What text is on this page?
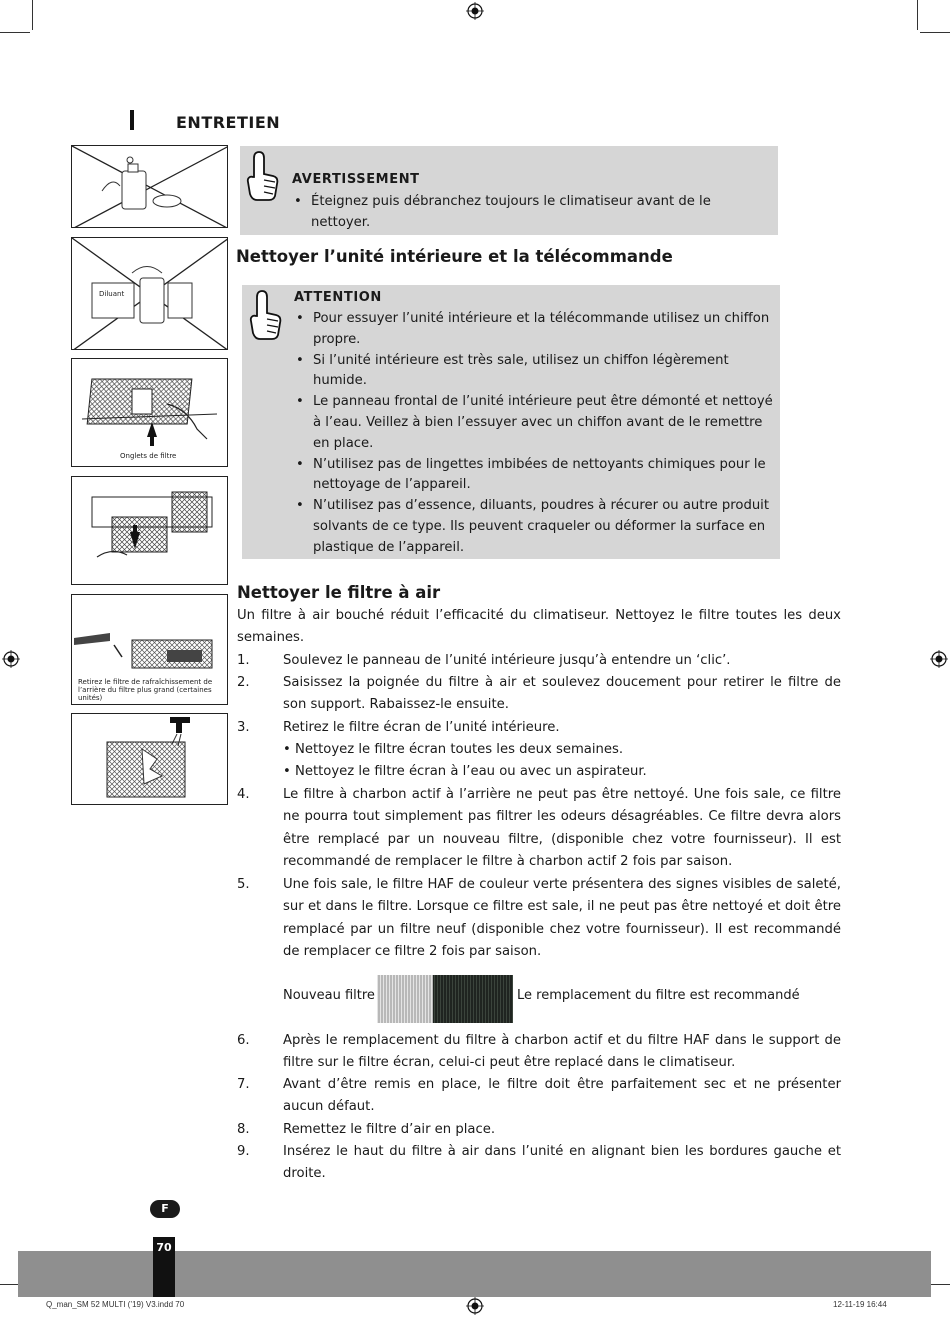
ENTRETIEN
Diluant
Onglets de filtre
Retirez le filtre de rafraîchissement de l’arrière du filtre plus grand (certaines unités)
AVERTISSEMENT
• Éteignez puis débranchez toujours le climatiseur avant de le nettoyer.
Nettoyer l’unité intérieure et la télécommande
ATTENTION
• Pour essuyer l’unité intérieure et la télécommande utilisez un chiffon propre.
• Si l’unité intérieure est très sale, utilisez un chiffon légèrement humide.
• Le panneau frontal de l’unité intérieure peut être démonté et nettoyé à l’eau. Veillez à bien l’essuyer avec un chiffon avant de le remettre en place.
• N’utilisez pas de lingettes imbibées de nettoyants chimiques pour le nettoyage de l’appareil.
• N’utilisez pas d’essence, diluants, poudres à récurer ou autre produit solvants de ce type. Ils peuvent craqueler ou déformer la surface en plastique de l’appareil.
Nettoyer le filtre à air
Un filtre à air bouché réduit l’efficacité du climatiseur. Nettoyez le filtre toutes les deux semaines.
1.	Soulevez le panneau de l’unité intérieure jusqu’à entendre un ‘clic’.
2.	Saisissez la poignée du filtre à air et soulevez doucement pour retirer le filtre de son support. Rabaissez-le ensuite.
3.	Retirez le filtre écran de l’unité intérieure.
• Nettoyez le filtre écran toutes les deux semaines.
• Nettoyez le filtre écran à l’eau ou avec un aspirateur.
4.	Le filtre à charbon actif à l’arrière ne peut pas être nettoyé. Une fois sale, ce filtre ne pourra tout simplement pas filtrer les odeurs désagréables. Ce filtre devra alors être remplacé par un nouveau filtre, (disponible chez votre fournisseur). Il est recommandé de remplacer le filtre à charbon actif 2 fois par saison.
5.	Une fois sale, le filtre HAF de couleur verte présentera des signes visibles de saleté, sur et dans le filtre. Lorsque ce filtre est sale, il ne peut pas être nettoyé et doit être remplacé par un filtre neuf (disponible chez votre fournisseur). Il est recommandé de remplacer ce filtre 2 fois par saison.
Nouveau filtre	Le remplacement du filtre est recommandé
6.	Après le remplacement du filtre à charbon actif et du filtre HAF dans le support de filtre sur le filtre écran, celui-ci peut être replacé dans le climatiseur.
7.	Avant d’être remis en place, le filtre doit être parfaitement sec et ne présenter aucun défaut.
8.	Remettez le filtre d’air en place.
9.	Insérez le haut du filtre à air dans l’unité en alignant bien les bordures gauche et droite.
F
70
Q_man_SM 52 MULTI (’19) V3.indd 70	12-11-19 16:44
